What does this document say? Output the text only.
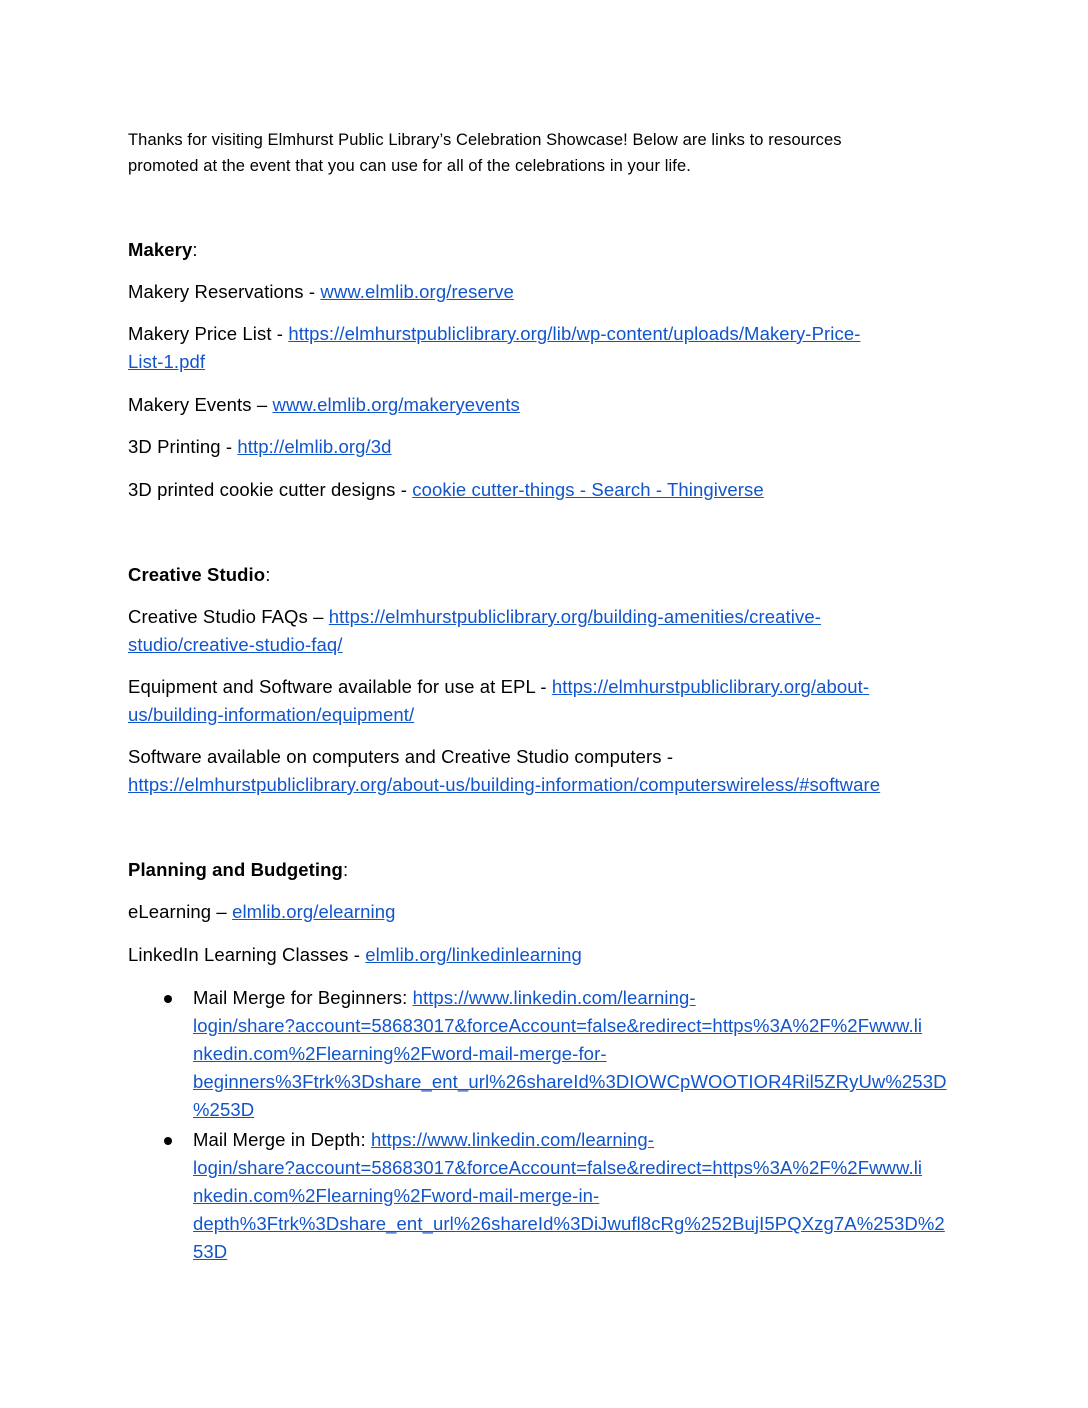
Thanks for visiting Elmhurst Public Library’s Celebration Showcase! Below are links to resources
promoted at the event that you can use for all of the celebrations in your life.
Makery:
Makery Reservations - www.elmlib.org/reserve
Makery Price List - https://elmhurstpubliclibrary.org/lib/wp-content/uploads/Makery-Price-
List-1.pdf
Makery Events – www.elmlib.org/makeryevents
3D Printing - http://elmlib.org/3d
3D printed cookie cutter designs - cookie cutter-things - Search - Thingiverse
Creative Studio:
Creative Studio FAQs – https://elmhurstpubliclibrary.org/building-amenities/creative-
studio/creative-studio-faq/
Equipment and Software available for use at EPL - https://elmhurstpubliclibrary.org/about-
us/building-information/equipment/
Software available on computers and Creative Studio computers -
https://elmhurstpubliclibrary.org/about-us/building-information/computerswireless/#software
Planning and Budgeting:
eLearning – elmlib.org/elearning
LinkedIn Learning Classes - elmlib.org/linkedinlearning
Mail Merge for Beginners: https://www.linkedin.com/learning-
login/share?account=58683017&forceAccount=false&redirect=https%3A%2F%2Fwww.li
nkedin.com%2Flearning%2Fword-mail-merge-for-
beginners%3Ftrk%3Dshare_ent_url%26shareId%3DIOWCpWOOTIOR4Ril5ZRyUw%253D
%253D
Mail Merge in Depth: https://www.linkedin.com/learning-
login/share?account=58683017&forceAccount=false&redirect=https%3A%2F%2Fwww.li
nkedin.com%2Flearning%2Fword-mail-merge-in-
depth%3Ftrk%3Dshare_ent_url%26shareId%3DiJwufl8cRg%252BujI5PQXzg7A%253D%2
53D
